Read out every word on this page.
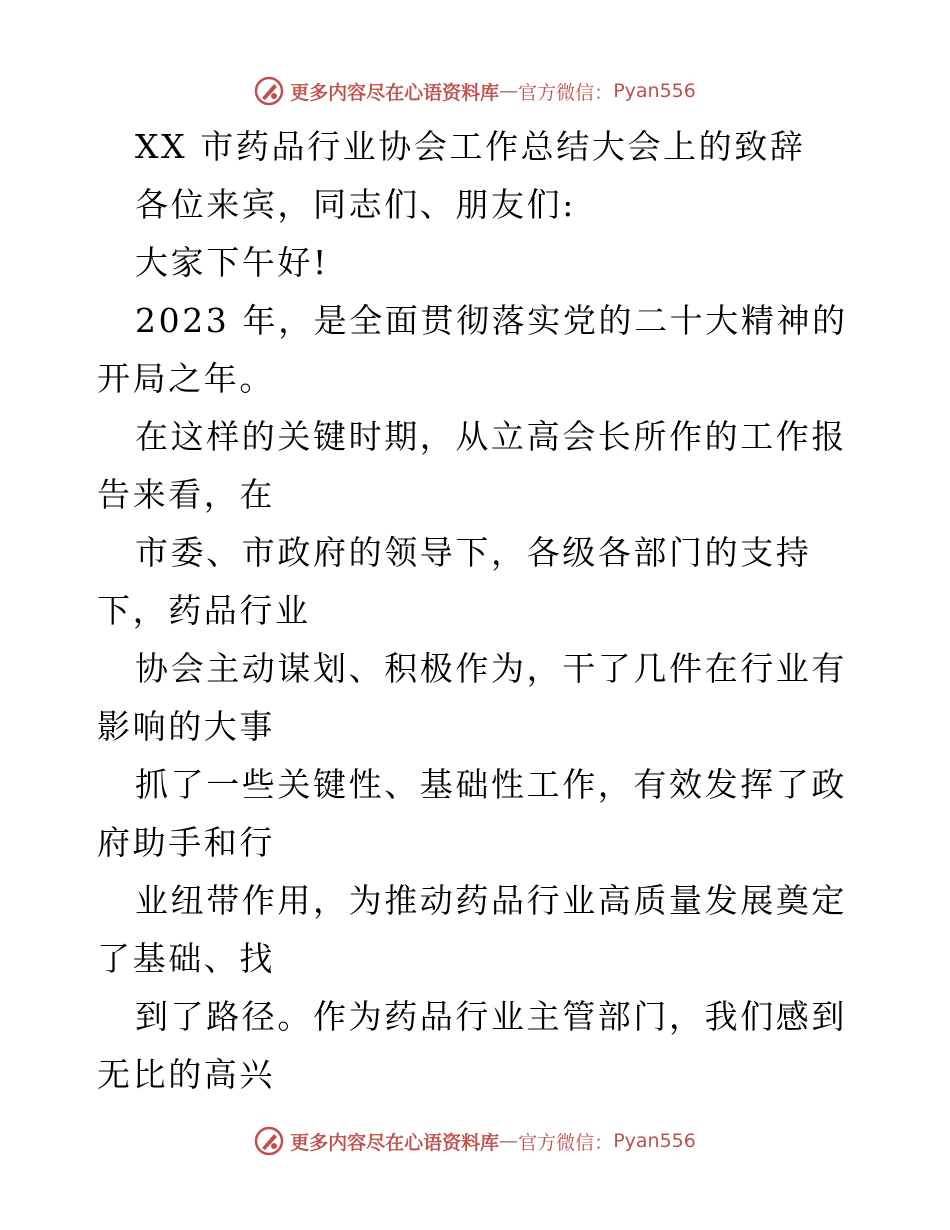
更多内容尽在心语资料库 — 官方微信： Pyan556

XX 市药品行业协会工作总结大会上的致辞

各位来宾，同志们、朋友们:

大家下午好!

2023 年，是全面贯彻落实党的二十大精神的开局之年。

在这样的关键时期，从立高会长所作的工作报告来看，在

市委、市政府的领导下，各级各部门的支持下，药品行业

协会主动谋划、积极作为，干了几件在行业有影响的大事

抓了一些关键性、基础性工作，有效发挥了政府助手和行

业纽带作用，为推动药品行业高质量发展奠定了基础、找

到了路径。作为药品行业主管部门，我们感到无比的高兴

更多内容尽在心语资料库 — 官方微信： Pyan556
